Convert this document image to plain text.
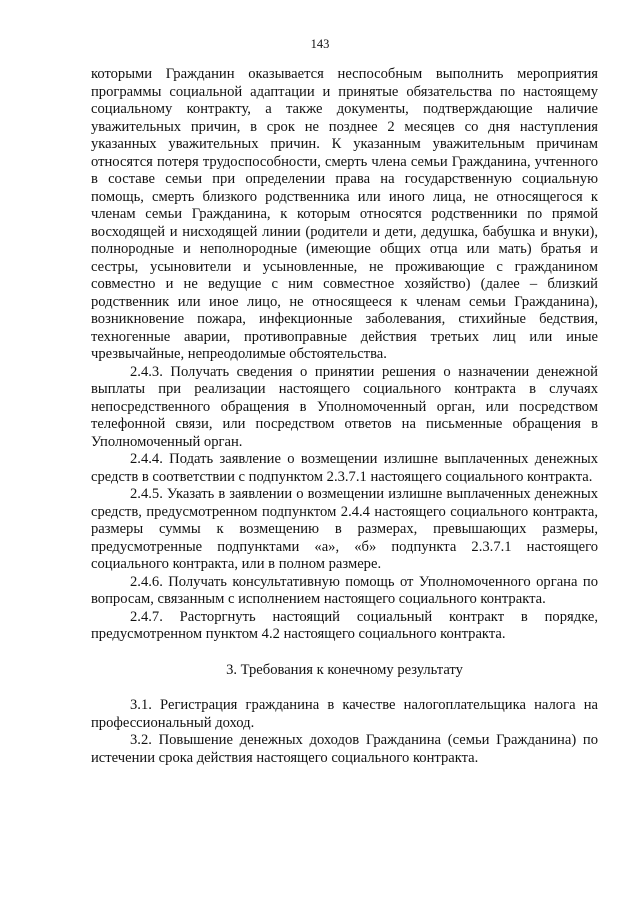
143

которыми Гражданин оказывается неспособным выполнить мероприятия программы социальной адаптации и принятые обязательства по настоящему социальному контракту, а также документы, подтверждающие наличие уважительных причин, в срок не позднее 2 месяцев со дня наступления указанных уважительных причин. К указанным уважительным причинам относятся потеря трудоспособности, смерть члена семьи Гражданина, учтенного в составе семьи при определении права на государственную социальную помощь, смерть близкого родственника или иного лица, не относящегося к членам семьи Гражданина, к которым относятся родственники по прямой восходящей и нисходящей линии (родители и дети, дедушка, бабушка и внуки), полнородные и неполнородные (имеющие общих отца или мать) братья и сестры, усыновители и усыновленные, не проживающие с гражданином совместно и не ведущие с ним совместное хозяйство) (далее – близкий родственник или иное лицо, не относящееся к членам семьи Гражданина), возникновение пожара, инфекционные заболевания, стихийные бедствия, техногенные аварии, противоправные действия третьих лиц или иные чрезвычайные, непреодолимые обстоятельства.

2.4.3. Получать сведения о принятии решения о назначении денежной выплаты при реализации настоящего социального контракта в случаях непосредственного обращения в Уполномоченный орган, или посредством телефонной связи, или посредством ответов на письменные обращения в Уполномоченный орган.

2.4.4. Подать заявление о возмещении излишне выплаченных денежных средств в соответствии с подпунктом 2.3.7.1 настоящего социального контракта.

2.4.5. Указать в заявлении о возмещении излишне выплаченных денежных средств, предусмотренном подпунктом 2.4.4 настоящего социального контракта, размеры суммы к возмещению в размерах, превышающих размеры, предусмотренные подпунктами «а», «б» подпункта 2.3.7.1 настоящего социального контракта, или в полном размере.

2.4.6. Получать консультативную помощь от Уполномоченного органа по вопросам, связанным с исполнением настоящего социального контракта.

2.4.7. Расторгнуть настоящий социальный контракт в порядке, предусмотренном пунктом 4.2 настоящего социального контракта.

3. Требования к конечному результату

3.1. Регистрация гражданина в качестве налогоплательщика налога на профессиональный доход.

3.2. Повышение денежных доходов Гражданина (семьи Гражданина) по истечении срока действия настоящего социального контракта.
